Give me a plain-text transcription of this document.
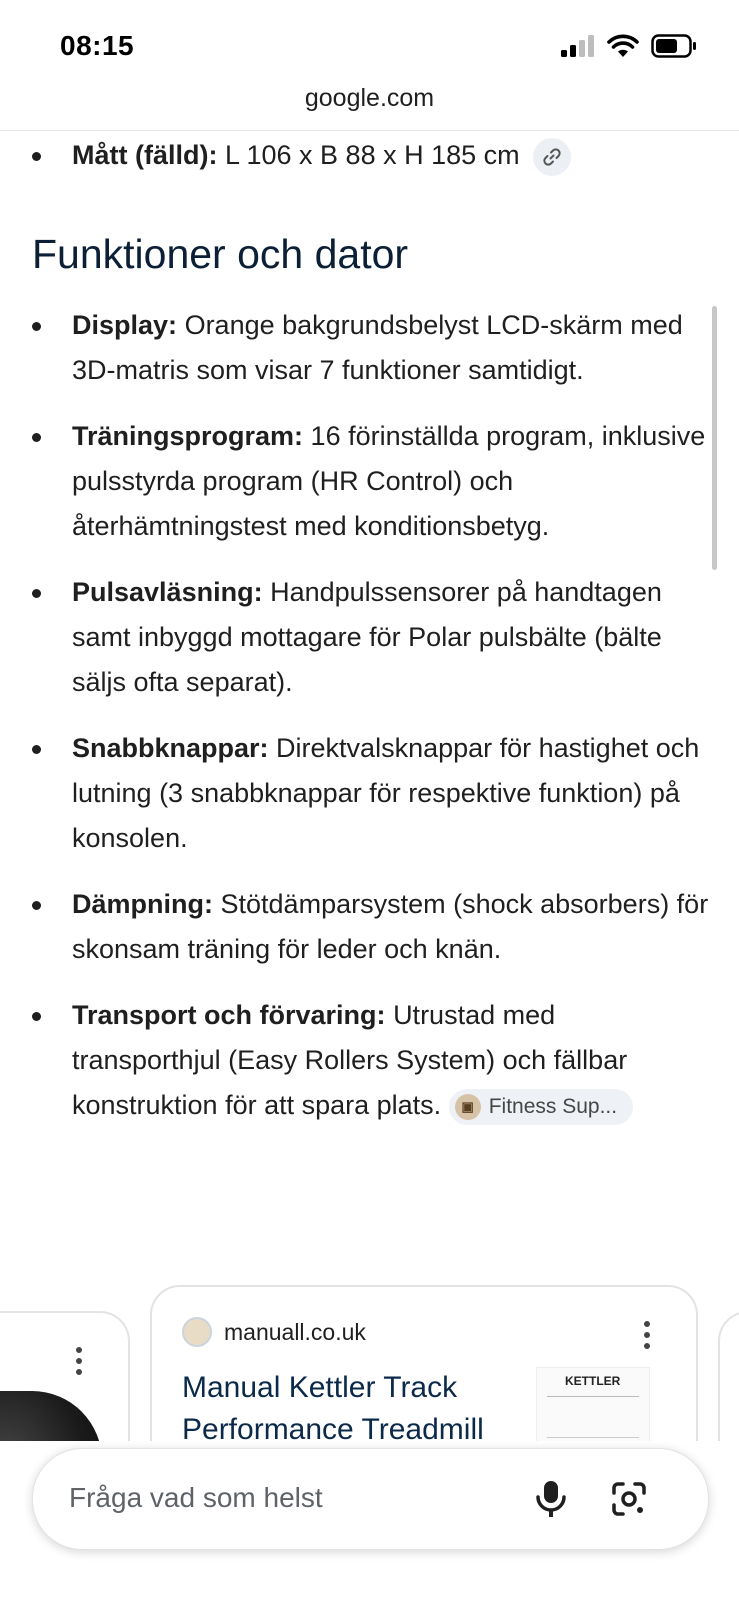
08:15
google.com
Mått (fälld): L 106 x B 88 x H 185 cm
Funktioner och dator
Display: Orange bakgrundsbelyst LCD-skärm med 3D-matris som visar 7 funktioner samtidigt.
Träningsprogram: 16 förinställda program, inklusive pulsstyrda program (HR Control) och återhämtningstest med konditionsbetyg.
Pulsavläsning: Handpulssensorer på handtagen samt inbyggd mottagare för Polar pulsbälte (bälte säljs ofta separat).
Snabbknappar: Direktvalsknappar för hastighet och lutning (3 snabbknappar för respektive funktion) på konsolen.
Dämpning: Stötdämparsystem (shock absorbers) för skonsam träning för leder och knän.
Transport och förvaring: Utrustad med transporthjul (Easy Rollers System) och fällbar konstruktion för att spara plats.	▣ Fitness Sup...
manuall.co.uk
Manual Kettler Track Performance Treadmill
KETTLER
Fråga vad som helst
